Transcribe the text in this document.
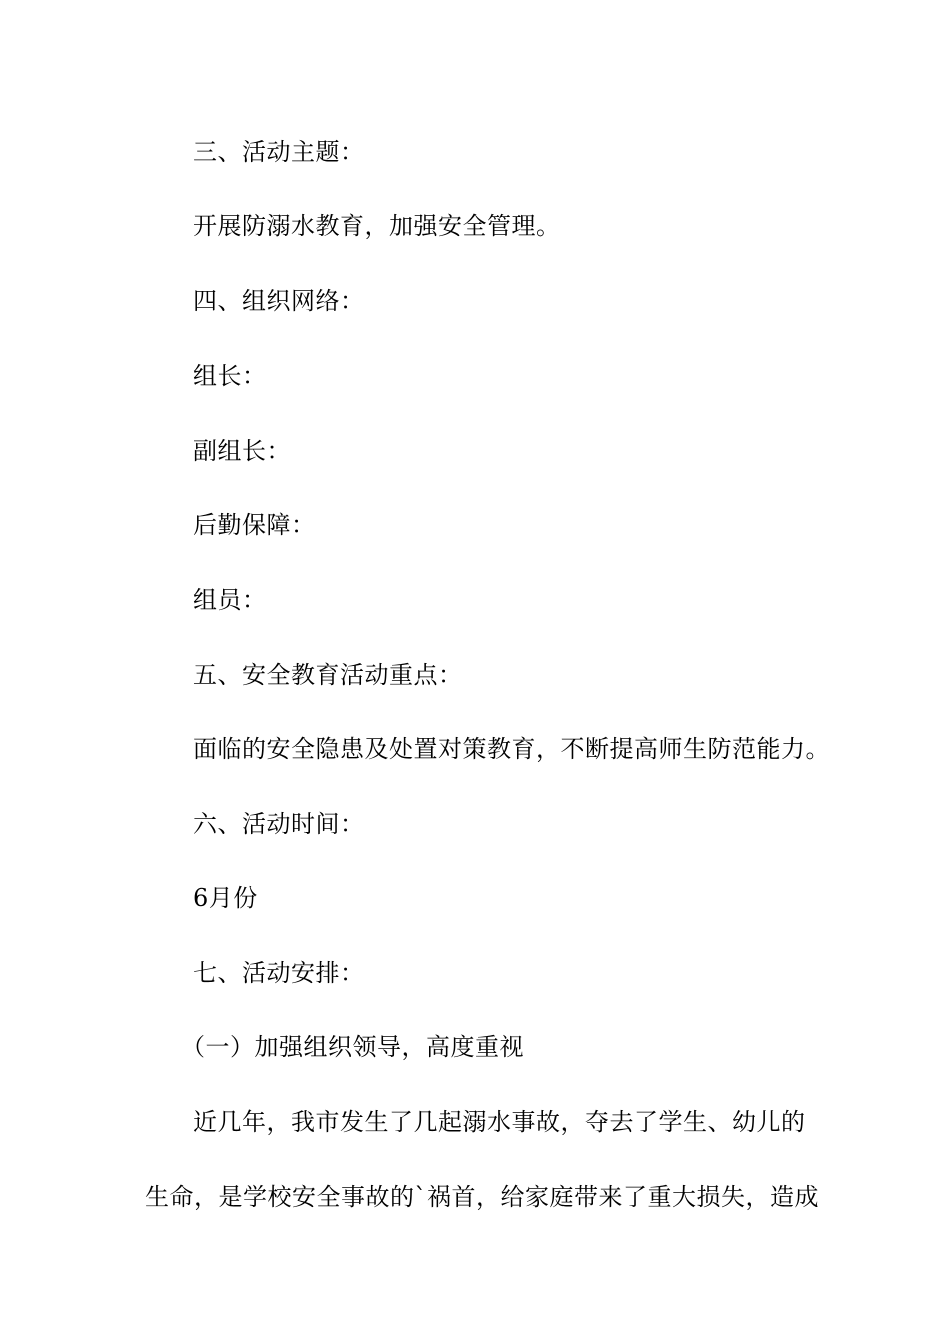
三、活动主题：
开展防溺水教育，加强安全管理。
四、组织网络：
组长：
副组长：
后勤保障：
组员：
五、安全教育活动重点：
面临的安全隐患及处置对策教育，不断提高师生防范能力。
六、活动时间：
6月份
七、活动安排：
（一）加强组织领导，高度重视
近几年，我市发生了几起溺水事故，夺去了学生、幼儿的
生命，是学校安全事故的`祸首，给家庭带来了重大损失，造成
